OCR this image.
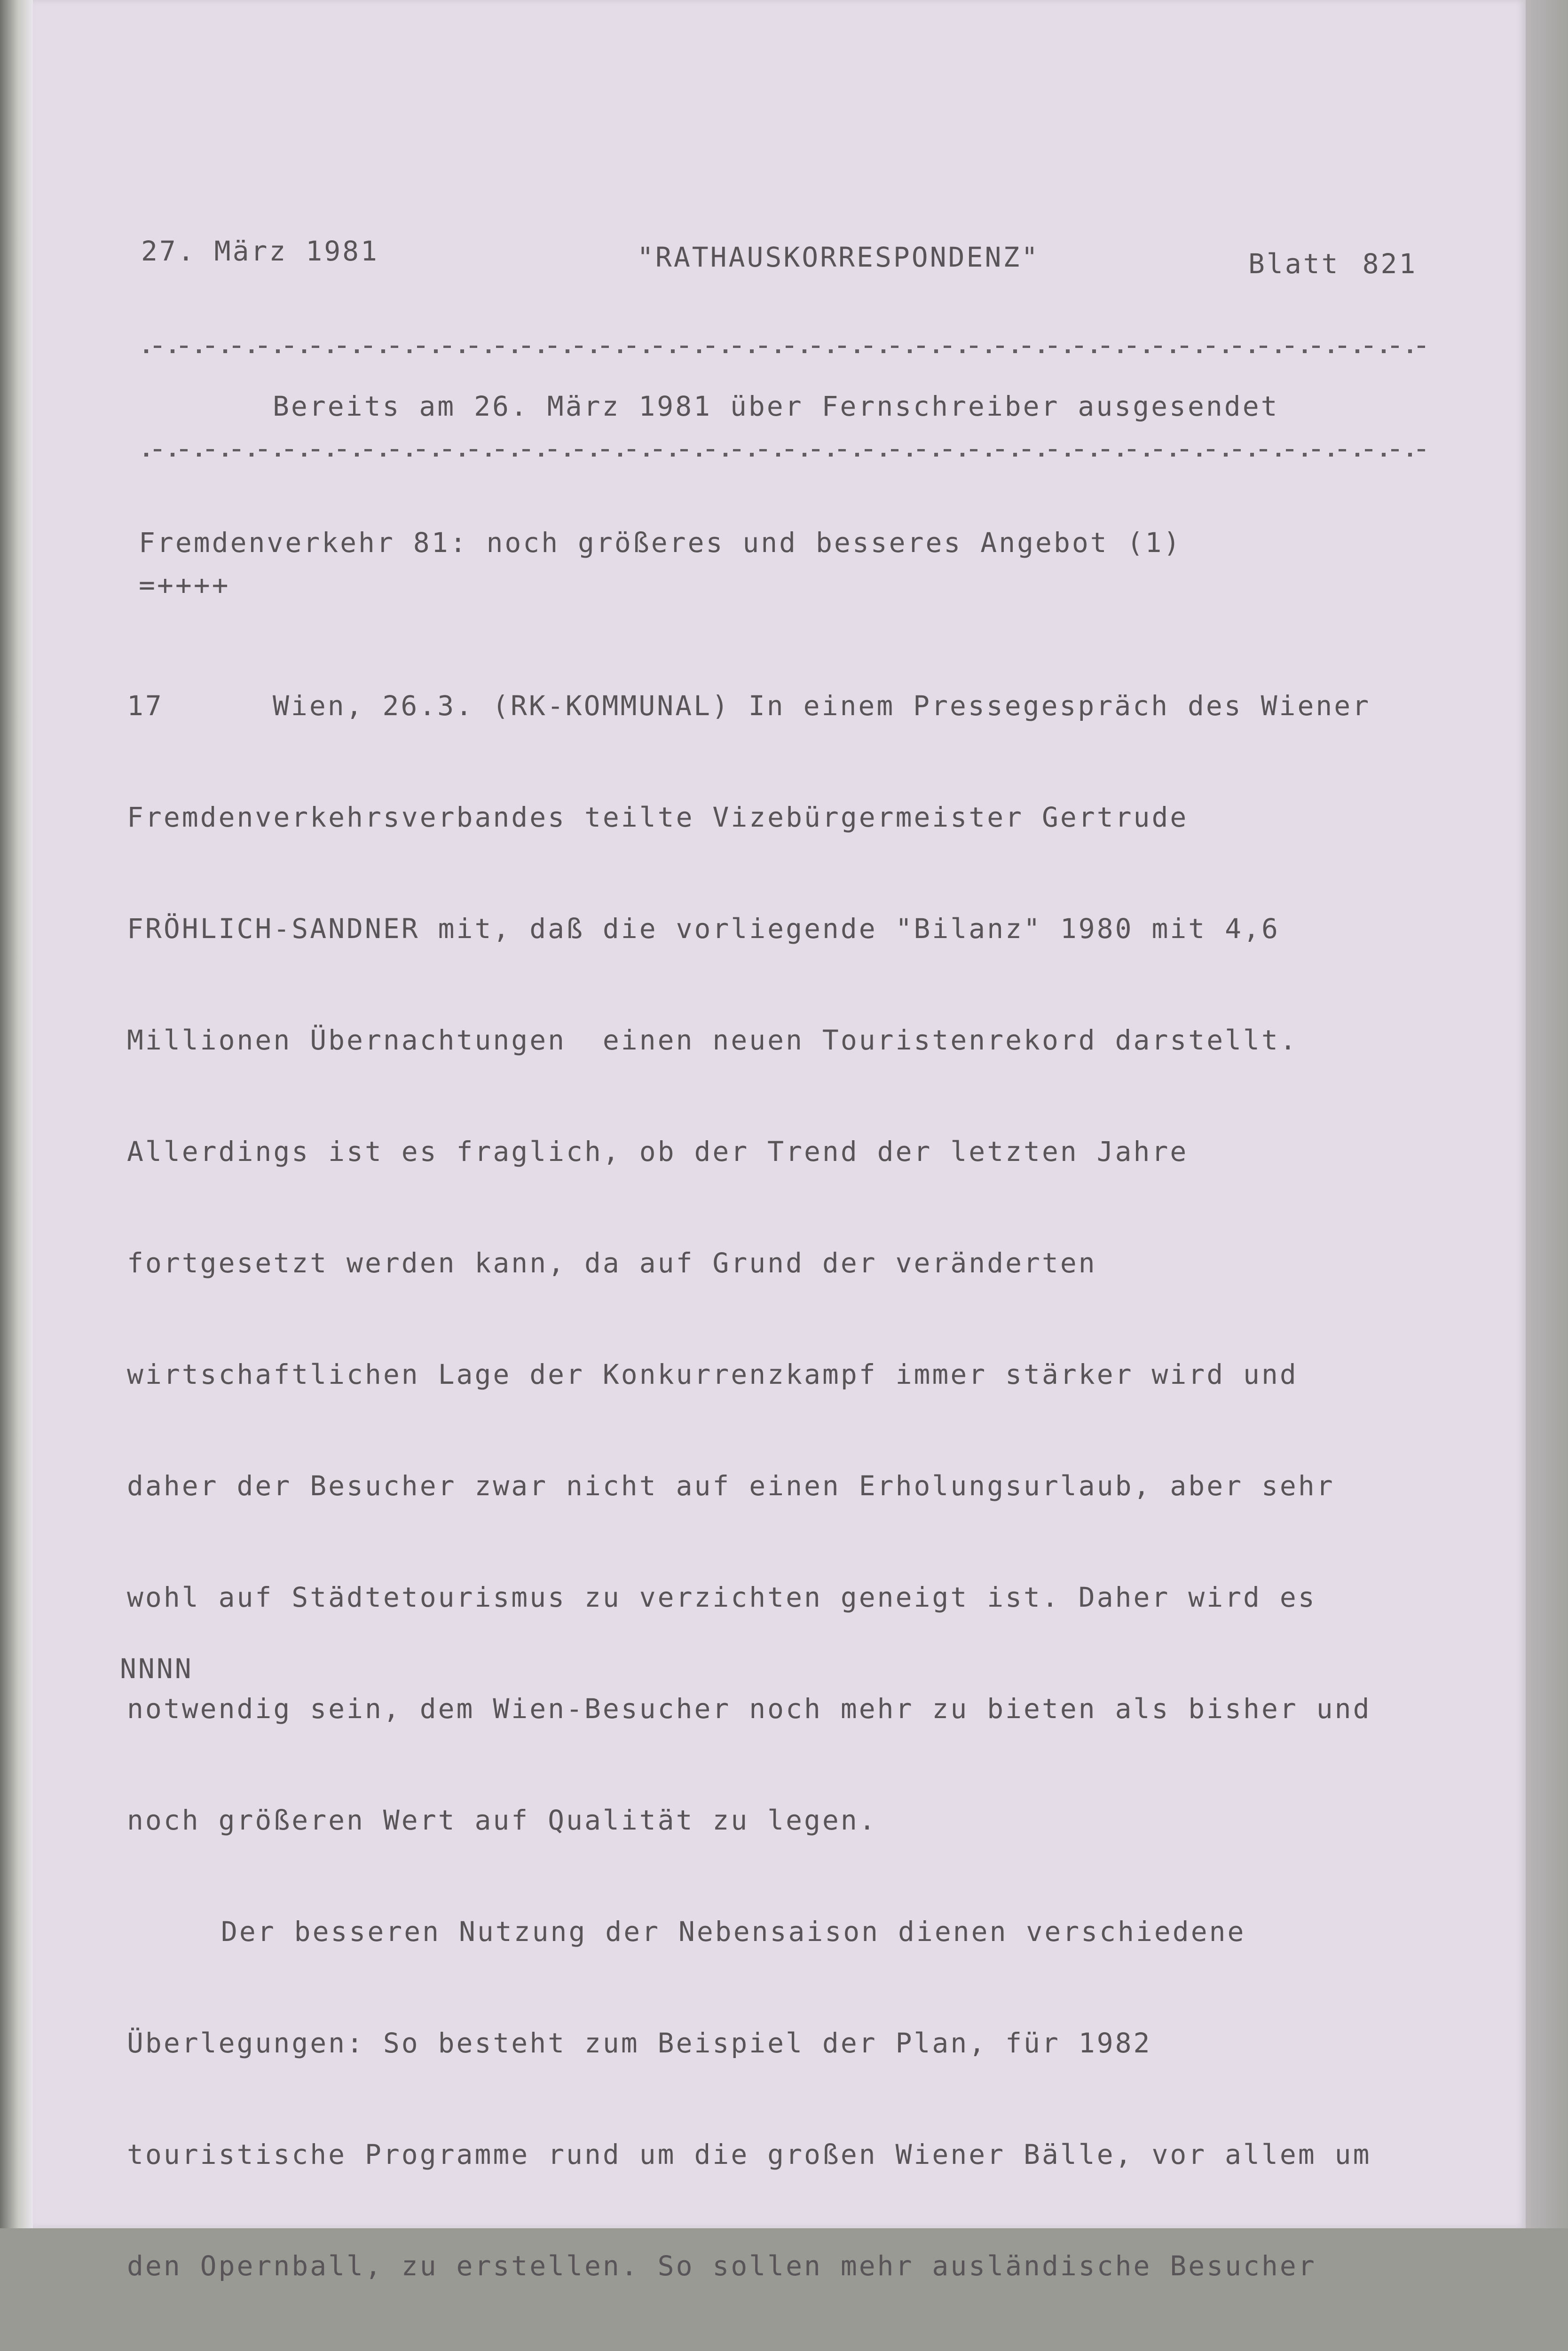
27. März 1981	"RATHAUSKORRESPONDENZ"	Blatt 821
Bereits am 26. März 1981 über Fernschreiber ausgesendet
Fremdenverkehr 81: noch größeres und besseres Angebot (1)
=++++

17	Wien, 26.3. (RK-KOMMUNAL) In einem Pressegespräch des Wiener

Fremdenverkehrsverbandes teilte Vizebürgermeister Gertrude

FRÖHLICH-SANDNER mit, daß die vorliegende "Bilanz" 1980 mit 4,6

Millionen Übernachtungen  einen neuen Touristenrekord darstellt.

Allerdings ist es fraglich, ob der Trend der letzten Jahre

fortgesetzt werden kann, da auf Grund der veränderten

wirtschaftlichen Lage der Konkurrenzkampf immer stärker wird und

daher der Besucher zwar nicht auf einen Erholungsurlaub, aber sehr

wohl auf Städtetourismus zu verzichten geneigt ist. Daher wird es

notwendig sein, dem Wien-Besucher noch mehr zu bieten als bisher und

noch größeren Wert auf Qualität zu legen.

Der besseren Nutzung der Nebensaison dienen verschiedene

Überlegungen: So besteht zum Beispiel der Plan, für 1982

touristische Programme rund um die großen Wiener Bälle, vor allem um

den Opernball, zu erstellen. So sollen mehr ausländische Besucher

NNNN
